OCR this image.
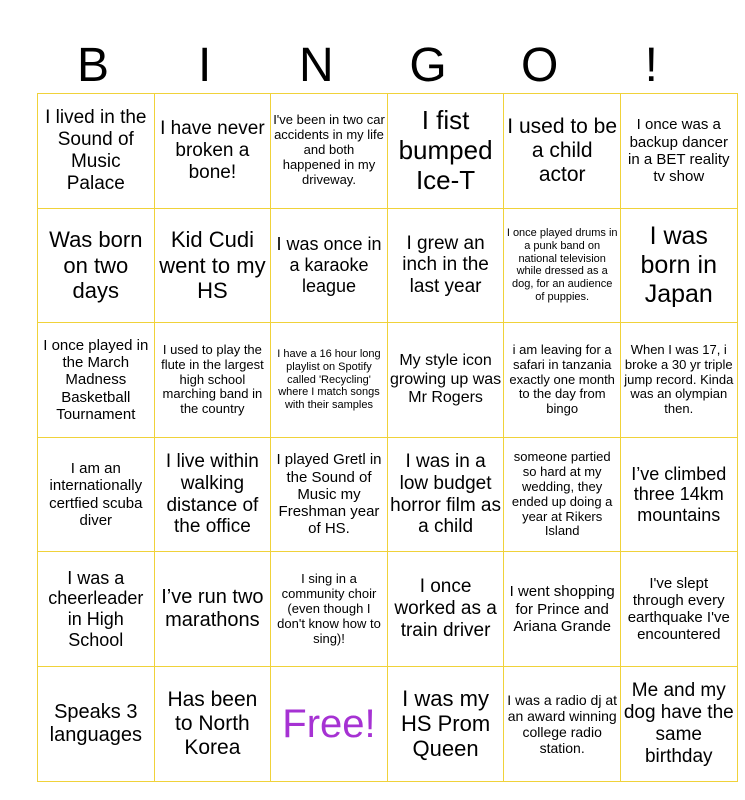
B	I	N	G	O	!
I lived in the Sound of Music Palace	I have never broken a bone!	I've been in two car accidents in my life and both happened in my driveway.	I fist bumped Ice-T	I used to be a child actor	I once was a backup dancer in a BET reality tv show
Was born on two days	Kid Cudi went to my HS	I was once in a karaoke league	I grew an inch in the last year	I once played drums in a punk band on national television while dressed as a dog, for an audience of puppies.	I was born in Japan
I once played in the March Madness Basketball Tournament	I used to play the flute in the largest high school marching band in the country	I have a 16 hour long playlist on Spotify called 'Recycling' where I match songs with their samples	My style icon growing up was Mr Rogers	i am leaving for a safari in tanzania exactly one month to the day from bingo	When I was 17, i broke a 30 yr triple jump record. Kinda was an olympian then.
I am an internationally certfied scuba diver	I live within walking distance of the office	I played Gretl in the Sound of Music my Freshman year of HS.	I was in a low budget horror film as a child	someone partied so hard at my wedding, they ended up doing a year at Rikers Island	I’ve climbed three 14km mountains
I was a cheerleader in High School	I’ve run two marathons	I sing in a community choir (even though I don't know how to sing)!	I once worked as a train driver	I went shopping for Prince and Ariana Grande	I've slept through every earthquake I've encountered
Speaks 3 languages	Has been to North Korea	Free!	I was my HS Prom Queen	I was a radio dj at an award winning college radio station.	Me and my dog have the same birthday
